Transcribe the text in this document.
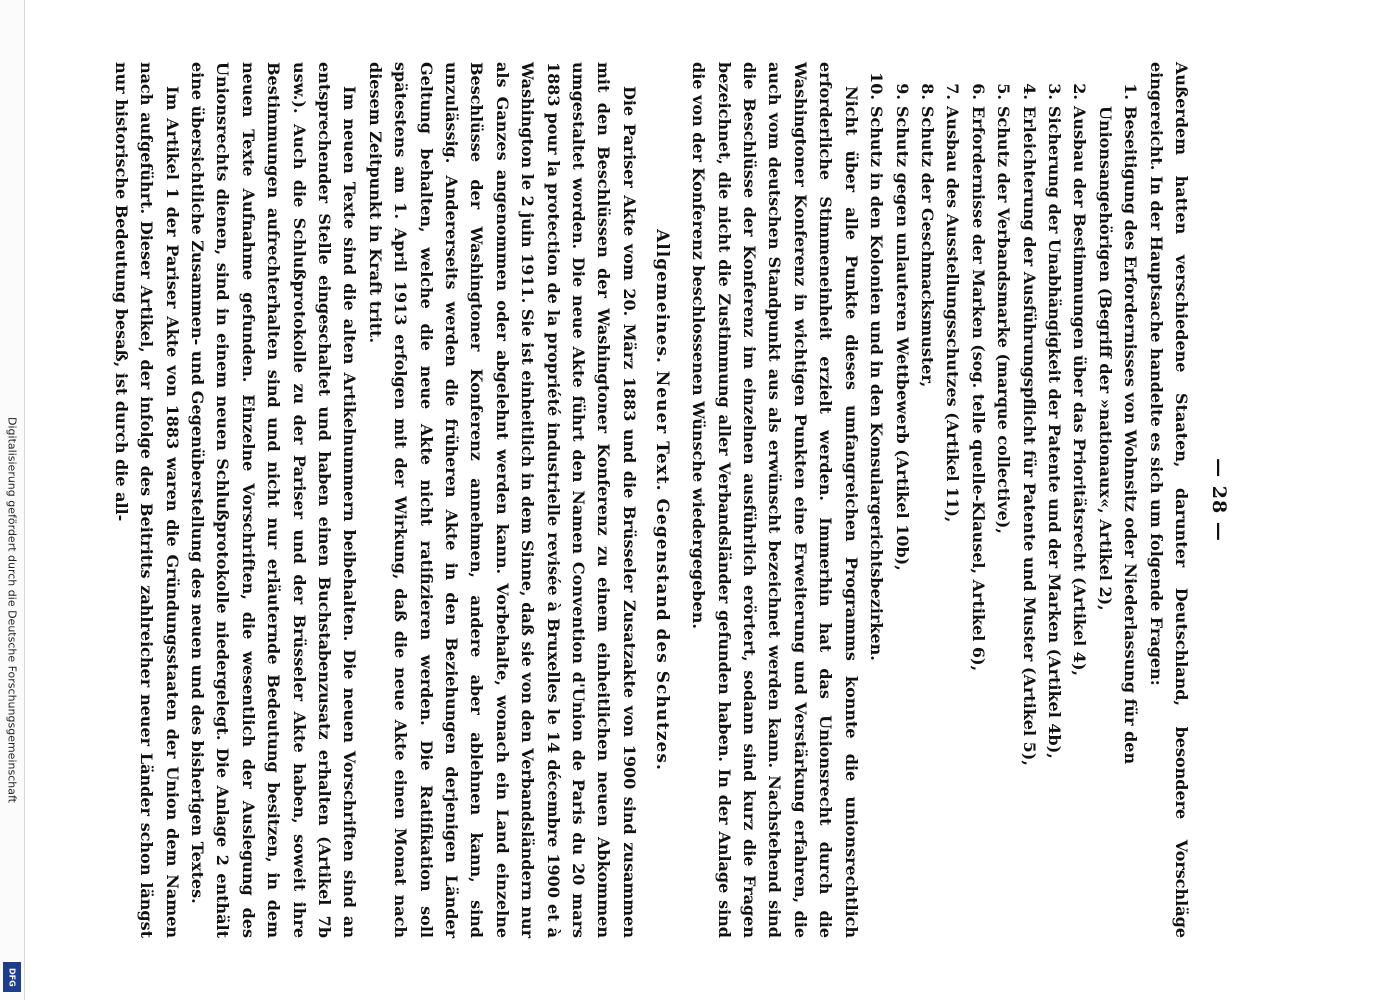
Digitalisierung gefördert durch die Deutsche Forschungsgemeinschaft
DFG
— 28 —

Außerdem hatten verschiedene Staaten, darunter Deutschland, besondere Vorschläge eingereicht. In der Hauptsache handelte es sich um folgende Fragen:

1.
Beseitigung des Erfordernisses von Wohnsitz oder Niederlassung für den Unionsangehörigen (Begriff der »nationaux«, Artikel 2),
2.
Ausbau der Bestimmungen über das Prioritätsrecht (Artikel 4),
3.
Sicherung der Unabhängigkeit der Patente und der Marken (Artikel 4b),
4.
Erleichterung der Ausführungspflicht für Patente und Muster (Artikel 5),
5.
Schutz der Verbandsmarke (marque collective),
6.
Erfordernisse der Marken (sog. telle quelle-Klausel, Artikel 6),
7.
Ausbau des Ausstellungsschutzes (Artikel 11),
8.
Schutz der Geschmacksmuster,
9.
Schutz gegen unlauteren Wettbewerb (Artikel 10b),
10.
Schutz in den Kolonien und in den Konsulargerichtsbezirken.

Nicht über alle Punkte dieses umfangreichen Programms konnte die unionsrechtlich erforderliche Stimmeneinheit erzielt werden. Immerhin hat das Unionsrecht durch die Washingtoner Konferenz in wichtigen Punkten eine Erweiterung und Verstärkung erfahren, die auch vom deutschen Standpunkt aus als erwünscht bezeichnet werden kann. Nachstehend sind die Beschlüsse der Konferenz im einzelnen ausführlich erörtert, sodann sind kurz die Fragen bezeichnet, die nicht die Zustimmung aller Verbandsländer gefunden haben. In der Anlage sind die von der Konferenz beschlossenen Wünsche wiedergegeben.

Allgemeines. Neuer Text. Gegenstand des Schutzes.

Die Pariser Akte vom 20. März 1883 und die Brüsseler Zusatzakte von 1900 sind zusammen mit den Beschlüssen der Washingtoner Konferenz zu einem einheitlichen neuen Abkommen umgestaltet worden. Die neue Akte führt den Namen Convention d'Union de Paris du 20 mars 1883 pour la protection de la propriété industrielle revisée à Bruxelles le 14 décembre 1900 et à Washington le 2 juin 1911. Sie ist einheitlich in dem Sinne, daß sie von den Verbandsländern nur als Ganzes angenommen oder abgelehnt werden kann. Vorbehalte, wonach ein Land einzelne Beschlüsse der Washingtoner Konferenz annehmen, andere aber ablehnen kann, sind unzulässig. Andererseits werden die früheren Akte in den Beziehungen derjenigen Länder Geltung behalten, welche die neue Akte nicht ratifizieren werden. Die Ratifikation soll spätestens am 1. April 1913 erfolgen mit der Wirkung, daß die neue Akte einen Monat nach diesem Zeitpunkt in Kraft tritt.

Im neuen Texte sind die alten Artikelnummern beibehalten. Die neuen Vorschriften sind an entsprechender Stelle eingeschaltet und haben einen Buchstabenzusatz erhalten (Artikel 7b usw.). Auch die Schlußprotokolle zu der Pariser und der Brüsseler Akte haben, soweit ihre Bestimmungen aufrechterhalten sind und nicht nur erläuternde Bedeutung besitzen, in dem neuen Texte Aufnahme gefunden. Einzelne Vorschriften, die wesentlich der Auslegung des Unionsrechts dienen, sind in einem neuen Schlußprotokolle niedergelegt. Die Anlage 2 enthält eine übersichtliche Zusammen- und Gegenüberstellung des neuen und des bisherigen Textes.

Im Artikel 1 der Pariser Akte von 1883 waren die Gründungsstaaten der Union dem Namen nach aufgeführt. Dieser Artikel, der infolge des Beitritts zahlreicher neuer Länder schon längst nur historische Bedeutung besaß, ist durch die all-
